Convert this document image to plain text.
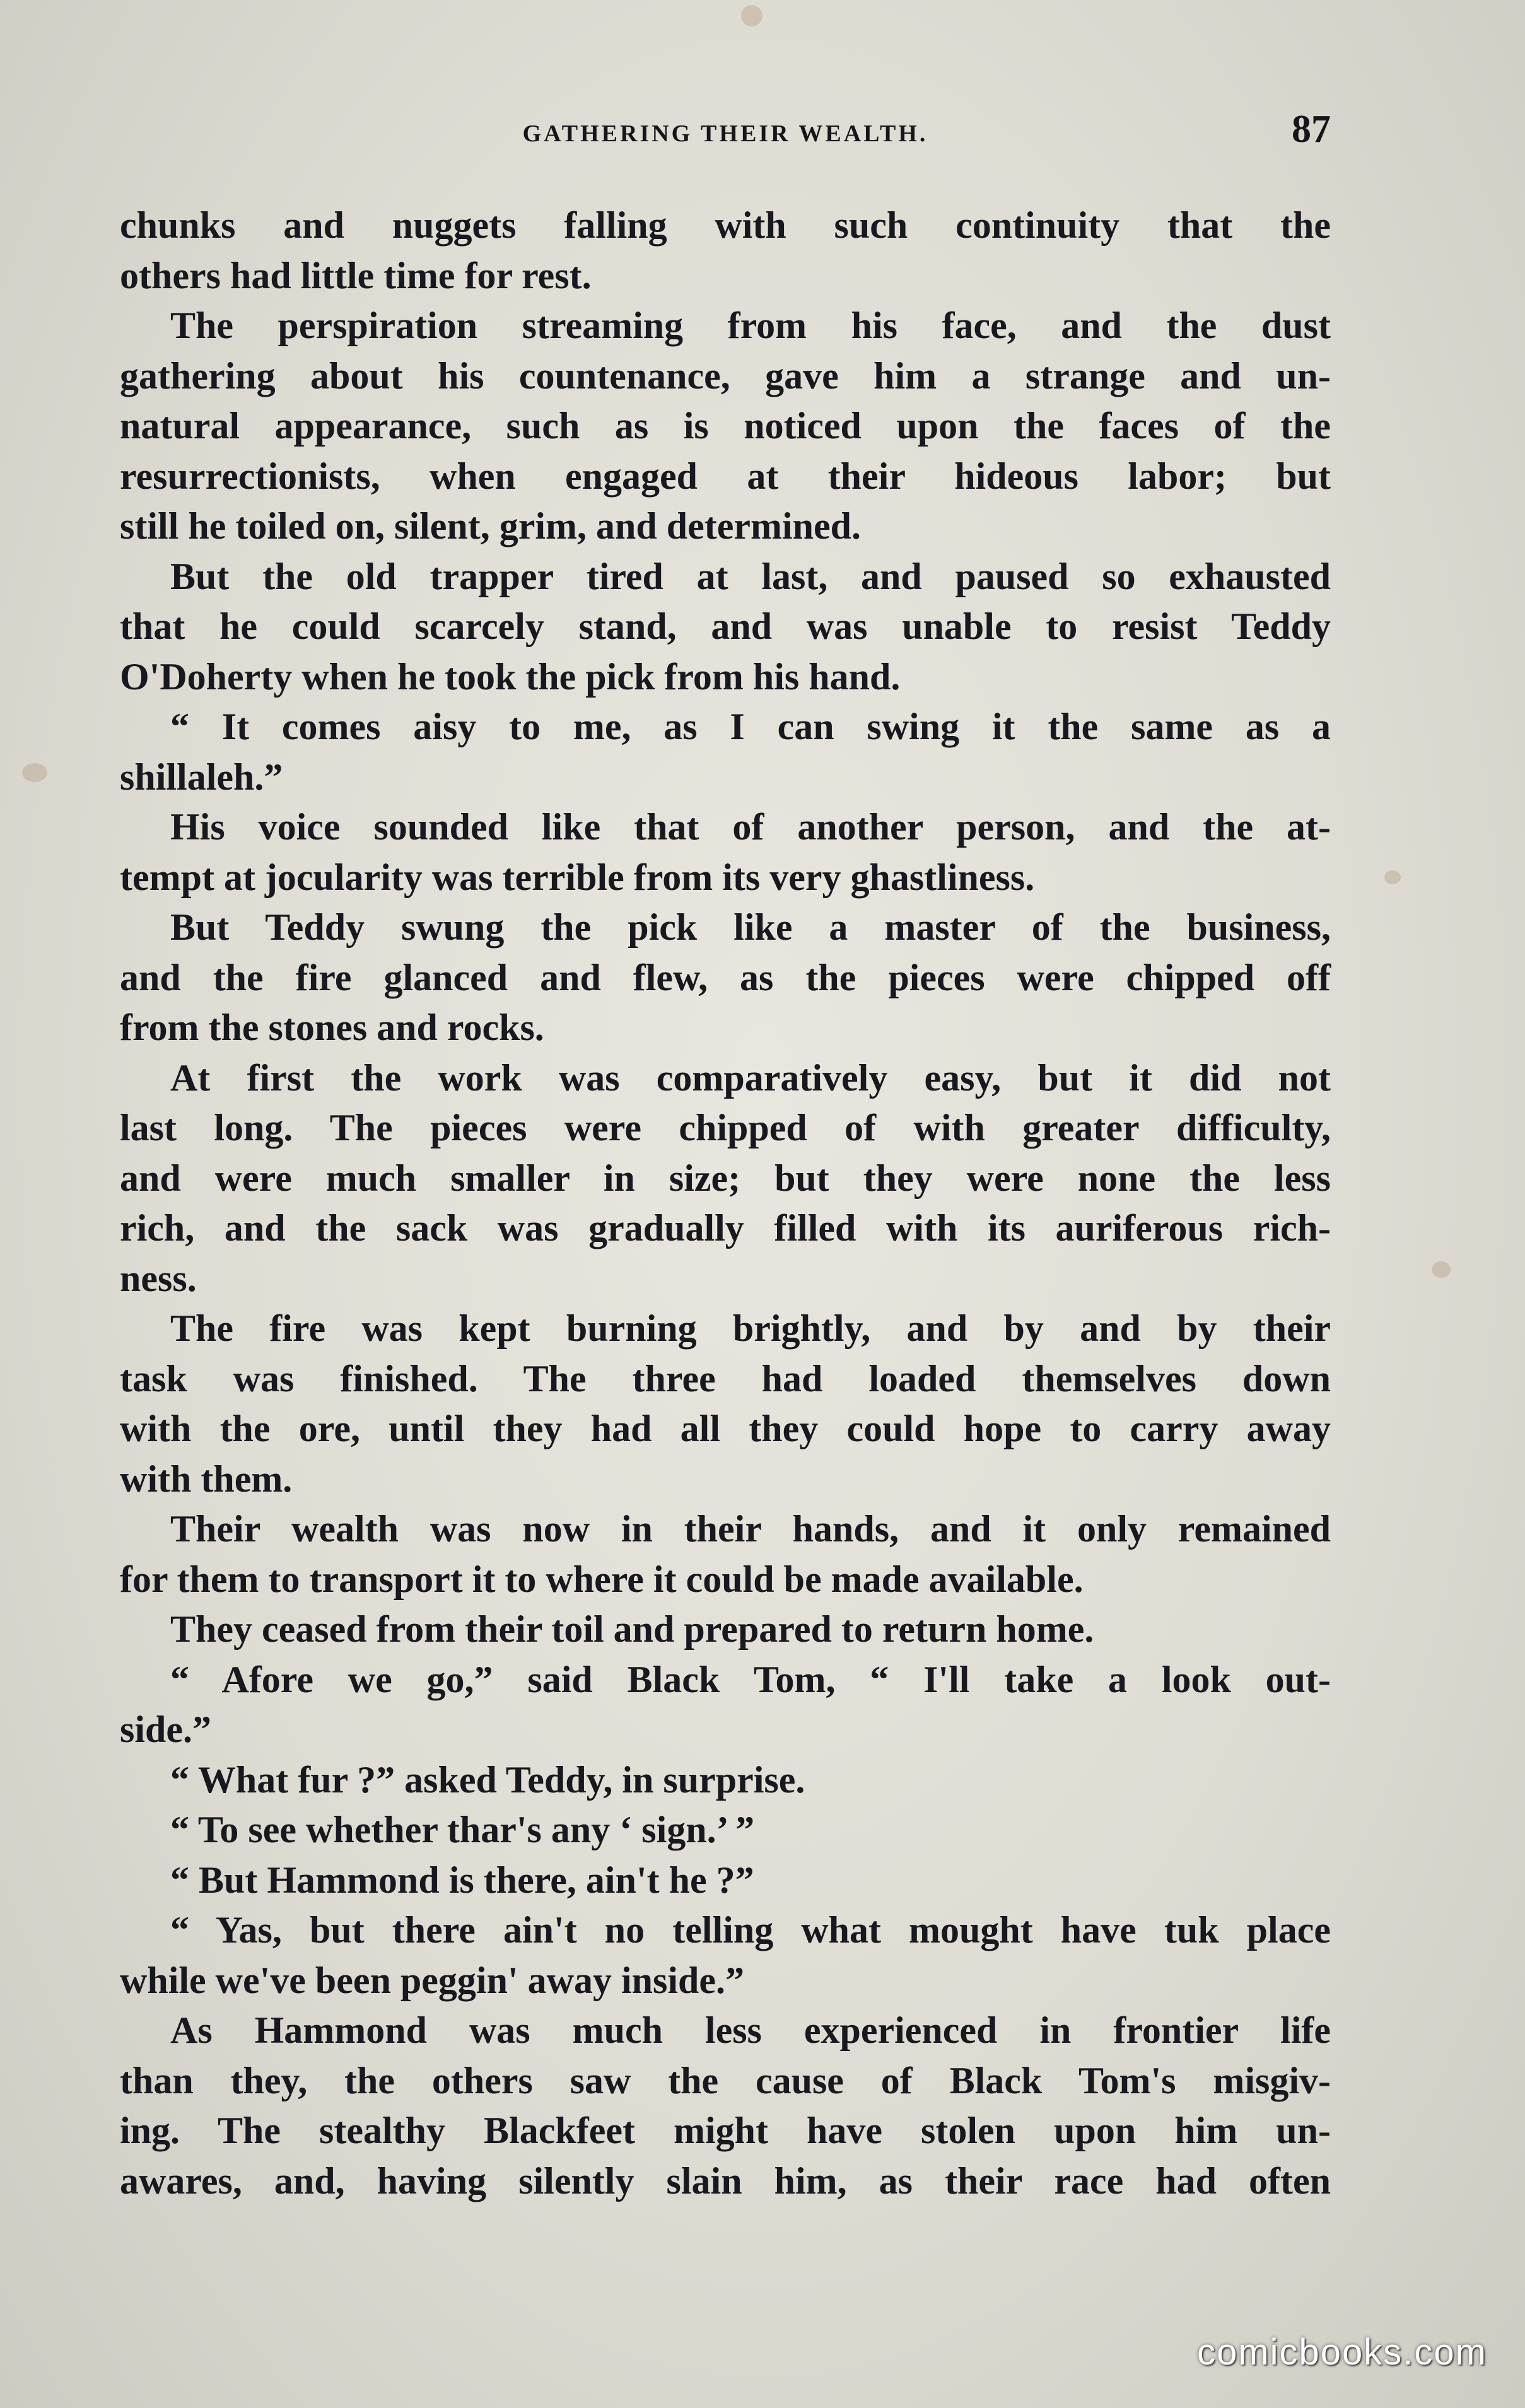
GATHERING THEIR WEALTH.	87
chunks and nuggets falling with such continuity that the
others had little time for rest.
The perspiration streaming from his face, and the dust
gathering about his countenance, gave him a strange and un-
natural appearance, such as is noticed upon the faces of the
resurrectionists, when engaged at their hideous labor; but
still he toiled on, silent, grim, and determined.
But the old trapper tired at last, and paused so exhausted
that he could scarcely stand, and was unable to resist Teddy
O'Doherty when he took the pick from his hand.
“ It comes aisy to me, as I can swing it the same as a
shillaleh.”
His voice sounded like that of another person, and the at-
tempt at jocularity was terrible from its very ghastliness.
But Teddy swung the pick like a master of the business,
and the fire glanced and flew, as the pieces were chipped off
from the stones and rocks.
At first the work was comparatively easy, but it did not
last long. The pieces were chipped of with greater difficulty,
and were much smaller in size; but they were none the less
rich, and the sack was gradually filled with its auriferous rich-
ness.
The fire was kept burning brightly, and by and by their
task was finished. The three had loaded themselves down
with the ore, until they had all they could hope to carry away
with them.
Their wealth was now in their hands, and it only remained
for them to transport it to where it could be made available.
They ceased from their toil and prepared to return home.
“ Afore we go,” said Black Tom, “ I'll take a look out-
side.”
“ What fur ?” asked Teddy, in surprise.
“ To see whether thar's any ‘ sign.’ ”
“ But Hammond is there, ain't he ?”
“ Yas, but there ain't no telling what mought have tuk place
while we've been peggin' away inside.”
As Hammond was much less experienced in frontier life
than they, the others saw the cause of Black Tom's misgiv-
ing. The stealthy Blackfeet might have stolen upon him un-
awares, and, having silently slain him, as their race had often
comicbooks.com
